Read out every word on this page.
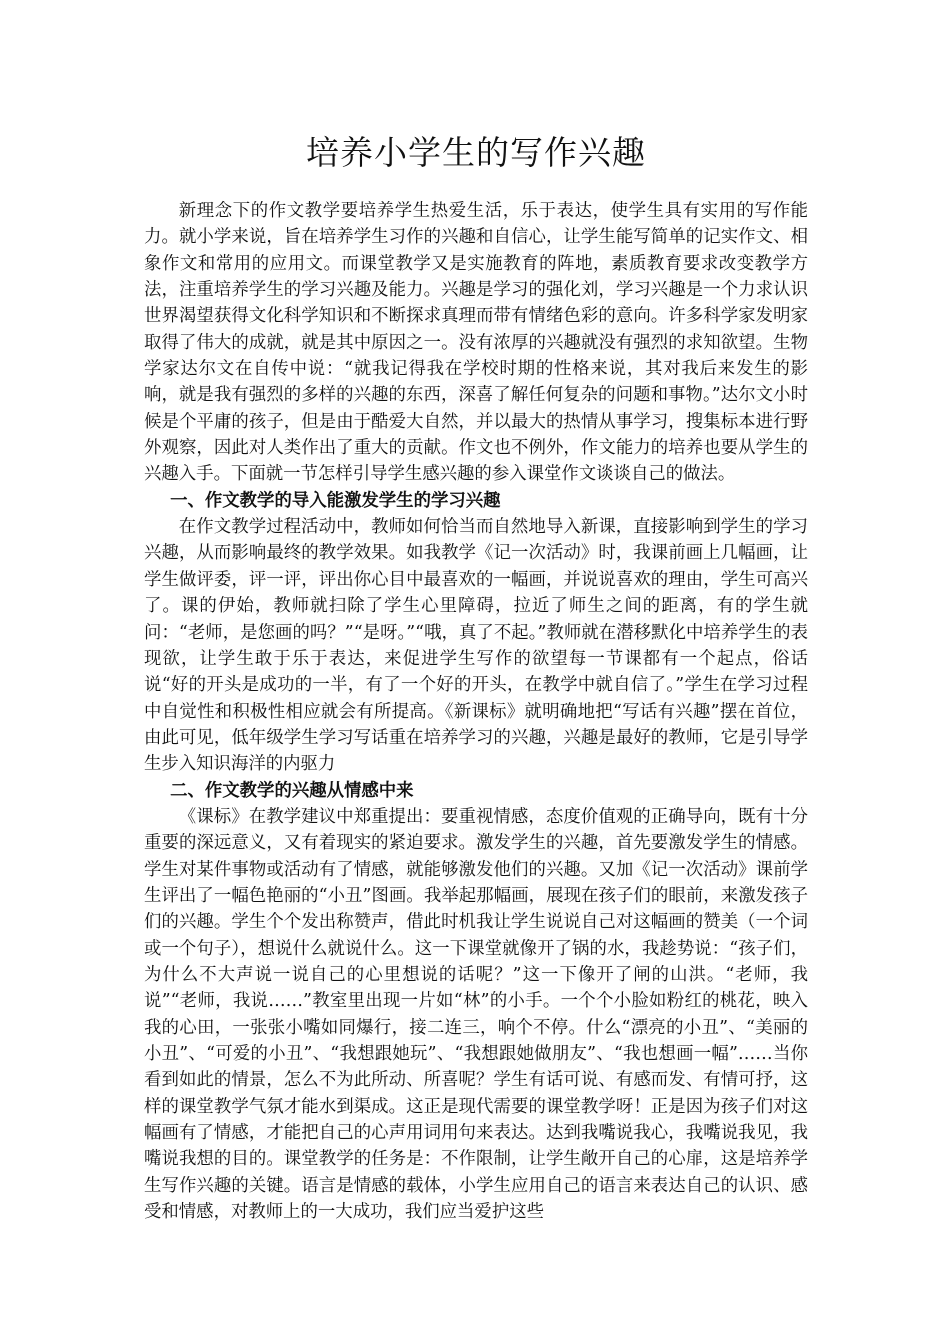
培养小学生的写作兴趣

新理念下的作文教学要培养学生热爱生活，乐于表达，使学生具有实用的写作能力。就小学来说，旨在培养学生习作的兴趣和自信心，让学生能写简单的记实作文、相象作文和常用的应用文。而课堂教学又是实施教育的阵地，素质教育要求改变教学方法，注重培养学生的学习兴趣及能力。兴趣是学习的强化刘，学习兴趣是一个力求认识世界渴望获得文化科学知识和不断探求真理而带有情绪色彩的意向。许多科学家发明家取得了伟大的成就，就是其中原因之一。没有浓厚的兴趣就没有强烈的求知欲望。生物学家达尔文在自传中说：“就我记得我在学校时期的性格来说，其对我后来发生的影响，就是我有强烈的多样的兴趣的东西，深喜了解任何复杂的问题和事物。”达尔文小时候是个平庸的孩子，但是由于酷爱大自然，并以最大的热情从事学习，搜集标本进行野外观察，因此对人类作出了重大的贡献。作文也不例外，作文能力的培养也要从学生的兴趣入手。下面就一节怎样引导学生感兴趣的参入课堂作文谈谈自己的做法。

一、作文教学的导入能激发学生的学习兴趣

在作文教学过程活动中，教师如何恰当而自然地导入新课，直接影响到学生的学习兴趣，从而影响最终的教学效果。如我教学《记一次活动》时，我课前画上几幅画，让学生做评委，评一评，评出你心目中最喜欢的一幅画，并说说喜欢的理由，学生可高兴了。课的伊始，教师就扫除了学生心里障碍，拉近了师生之间的距离，有的学生就问：“老师，是您画的吗？”“是呀。”“哦，真了不起。”教师就在潜移默化中培养学生的表现欲，让学生敢于乐于表达，来促进学生写作的欲望每一节课都有一个起点，俗话说“好的开头是成功的一半，有了一个好的开头，在教学中就自信了。”学生在学习过程中自觉性和积极性相应就会有所提高。《新课标》就明确地把“写话有兴趣”摆在首位，由此可见，低年级学生学习写话重在培养学习的兴趣，兴趣是最好的教师，它是引导学生步入知识海洋的内驱力

二、作文教学的兴趣从情感中来

《课标》在教学建议中郑重提出：要重视情感，态度价值观的正确导向，既有十分重要的深远意义，又有着现实的紧迫要求。激发学生的兴趣，首先要激发学生的情感。学生对某件事物或活动有了情感，就能够激发他们的兴趣。又加《记一次活动》课前学生评出了一幅色艳丽的“小丑”图画。我举起那幅画，展现在孩子们的眼前，来激发孩子们的兴趣。学生个个发出称赞声，借此时机我让学生说说自己对这幅画的赞美（一个词或一个句子），想说什么就说什么。这一下课堂就像开了锅的水，我趁势说：“孩子们，为什么不大声说一说自己的心里想说的话呢？”这一下像开了闸的山洪。“老师，我说”“老师，我说……”教室里出现一片如“林”的小手。一个个小脸如粉红的桃花，映入我的心田，一张张小嘴如同爆行，接二连三，响个不停。什么“漂亮的小丑”、“美丽的小丑”、“可爱的小丑”、“我想跟她玩”、“我想跟她做朋友”、“我也想画一幅”……当你看到如此的情景，怎么不为此所动、所喜呢？学生有话可说、有感而发、有情可抒，这样的课堂教学气氛才能水到渠成。这正是现代需要的课堂教学呀！正是因为孩子们对这幅画有了情感，才能把自己的心声用词用句来表达。达到我嘴说我心，我嘴说我见，我嘴说我想的目的。课堂教学的任务是：不作限制，让学生敞开自己的心扉，这是培养学生写作兴趣的关键。语言是情感的载体，小学生应用自己的语言来表达自己的认识、感受和情感，对教师上的一大成功，我们应当爱护这些
